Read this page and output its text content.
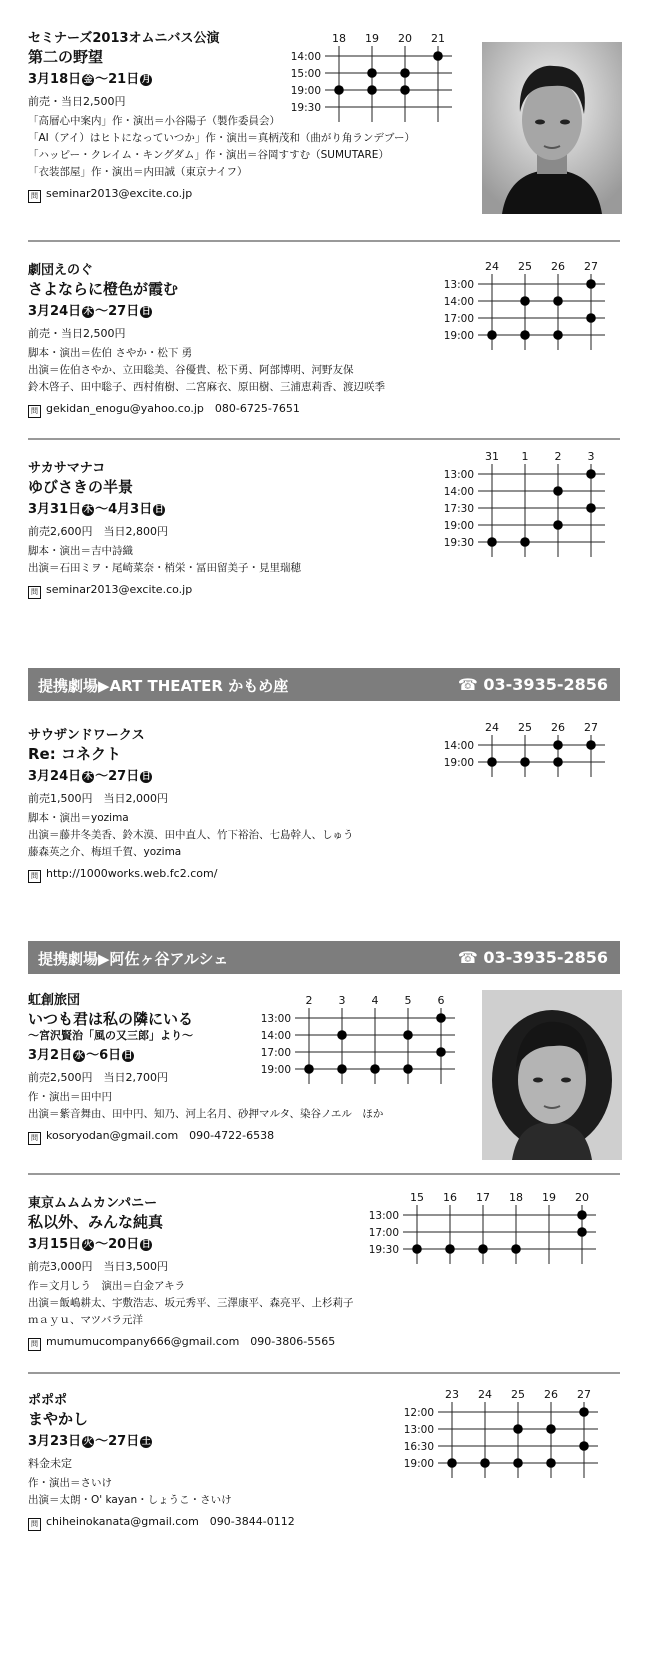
セミナーズ2013オムニバス公演
第二の野望
3月18日 金 〜21日 月
前売・当日2,500円
「高層心中案内」作・演出＝小谷陽子（製作委員会）
「AI（アイ）はヒトになっていつか」作・演出＝真柄茂和（曲がり角ランデブー）
「ハッピー・クレイム・キングダム」作・演出＝谷岡すすむ（SUMUTARE）
「衣装部屋」作・演出＝内田誠（東京ナイフ）
問 seminar2013@excite.co.jp
14:00
15:00
19:00
19:30
18 19 20 21
劇団えのぐ
さよならに橙色が霞む
3月24日 木 〜27日 日
前売・当日2,500円
脚本・演出＝佐伯 さやか・松下 勇
出演＝佐伯さやか、立田聡美、谷優貴、松下勇、阿部博明、河野友保
鈴木啓子、田中聡子、西村侑樹、二宮麻衣、原田樹、三浦恵莉香、渡辺咲季
問 gekidan_enogu@yahoo.co.jp　080-6725-7651
13:00
14:00
17:00
19:00
24 25 26 27
サカサマナコ
ゆびさきの半景
3月31日 木 〜4月3日 日
前売2,600円　当日2,800円
脚本・演出＝吉中詩織
出演＝石田ミヲ・尾崎菜奈・梢栄・冨田留美子・見里瑞穂
問 seminar2013@excite.co.jp
13:00
14:00
17:30
19:00
19:30
31 1 2 3
提携劇場▶ART THEATER かもめ座	☎ 03-3935-2856
サウザンドワークス
Re: コネクト
3月24日 木 〜27日 日
前売1,500円　当日2,000円
脚本・演出＝yozima
出演＝藤井冬美香、鈴木漠、田中直人、竹下裕治、七島幹人、しゅう
藤森英之介、梅垣千賀、yozima
問 http://1000works.web.fc2.com/
14:00
19:00
24 25 26 27
提携劇場▶阿佐ヶ谷アルシェ	☎ 03-3935-2856
虹創旅団
いつも君は私の隣にいる
〜宮沢賢治「風の又三郎」より〜
3月2日 水 〜6日 日
前売2,500円　当日2,700円
作・演出＝田中円
出演＝紫音舞由、田中円、知乃、河上名月、砂押マルタ、染谷ノエル　ほか
問 kosoryodan@gmail.com　090-4722-6538
13:00
14:00
17:00
19:00
2 3 4 5 6
東京ムムムカンパニー
私以外、みんな純真
3月15日 火 〜20日 日
前売3,000円　当日3,500円
作＝文月しう　演出＝白金アキラ
出演＝飯嶋耕太、宇敷浩志、坂元秀平、三澤康平、森亮平、上杉莉子
ｍａｙｕ、マツバラ元洋
問 mumumucompany666@gmail.com　090-3806-5565
13:00
17:00
19:30
15 16 17 18 19 20
ポポポ
まやかし
3月23日 火 〜27日 土
料金未定
作・演出＝さいけ
出演＝太朗・O' kayan・しょうこ・さいけ
問 chiheinokanata@gmail.com　090-3844-0112
12:00
13:00
16:30
19:00
23 24 25 26 27
